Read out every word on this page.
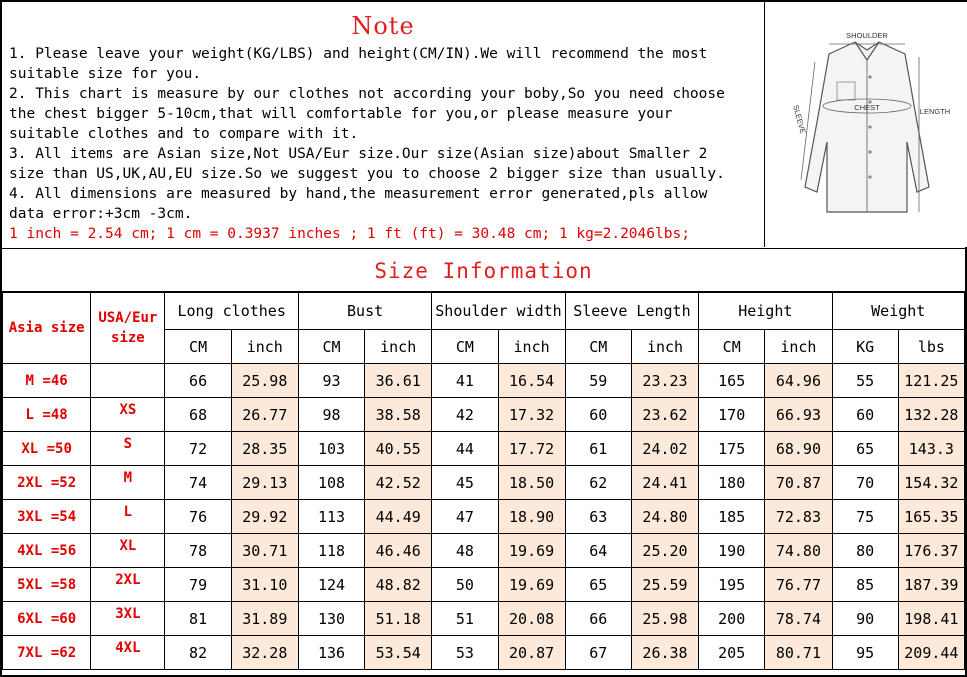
Note
1. Please leave your weight(KG/LBS) and height(CM/IN).We will recommend the most
suitable size for you.
2. This chart is measure by our clothes not according your boby,So you need choose
the chest bigger 5-10cm,that will comfortable for you,or please measure your
suitable clothes and to compare with it.
3. All items are Asian size,Not USA/Eur size.Our size(Asian size)about Smaller 2
size than US,UK,AU,EU size.So we suggest you to choose 2 bigger size than usually.
4. All dimensions are measured by hand,the measurement error generated,pls allow
data error:+3cm -3cm.
1 inch = 2.54 cm; 1 cm = 0.3937 inches ; 1 ft (ft) = 30.48 cm; 1 kg=2.2046lbs;
SHOULDER
CHEST
SLEEVE	LENGTH
Size Information
Asia size	USA/Eur size	Long clothes		Bust		Shoulder width		Sleeve Length		Height		Weight	
		CM	inch	CM	inch	CM	inch	CM	inch	CM	inch	KG	lbs
M =46		66	25.98	93	36.61	41	16.54	59	23.23	165	64.96	55	121.25
L =48	XS	68	26.77	98	38.58	42	17.32	60	23.62	170	66.93	60	132.28
XL =50	S	72	28.35	103	40.55	44	17.72	61	24.02	175	68.90	65	143.3
2XL =52	M	74	29.13	108	42.52	45	18.50	62	24.41	180	70.87	70	154.32
3XL =54	L	76	29.92	113	44.49	47	18.90	63	24.80	185	72.83	75	165.35
4XL =56	XL	78	30.71	118	46.46	48	19.69	64	25.20	190	74.80	80	176.37
5XL =58	2XL	79	31.10	124	48.82	50	19.69	65	25.59	195	76.77	85	187.39
6XL =60	3XL	81	31.89	130	51.18	51	20.08	66	25.98	200	78.74	90	198.41
7XL =62	4XL	82	32.28	136	53.54	53	20.87	67	26.38	205	80.71	95	209.44
